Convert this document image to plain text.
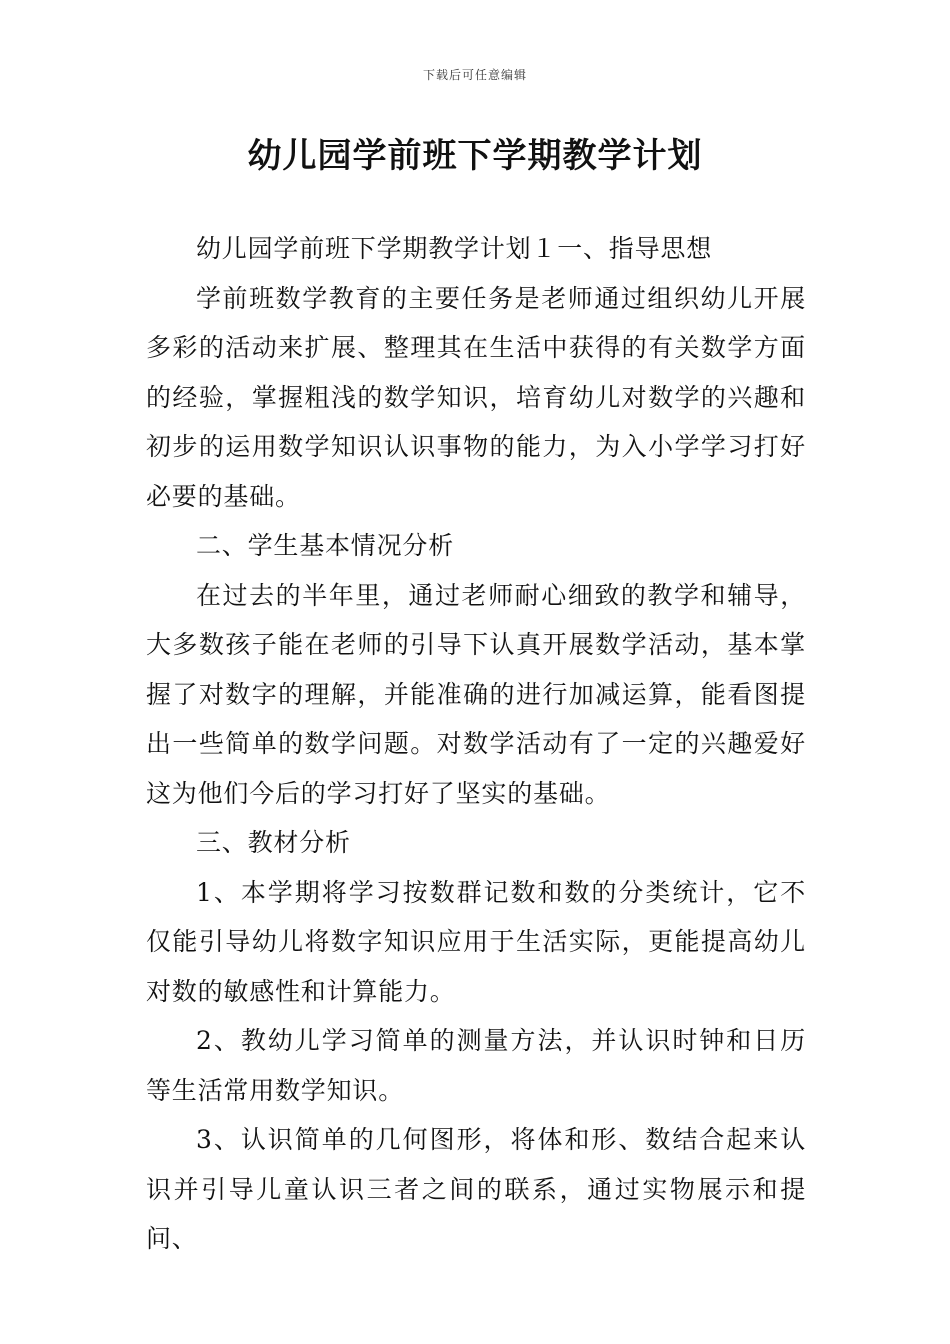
下载后可任意编辑
幼儿园学前班下学期教学计划

幼儿园学前班下学期教学计划１一、指导思想

学前班数学教育的主要任务是老师通过组织幼儿开展多彩的活动来扩展、整理其在生活中获得的有关数学方面的经验，掌握粗浅的数学知识，培育幼儿对数学的兴趣和初步的运用数学知识认识事物的能力，为入小学学习打好必要的基础。

二、学生基本情况分析

在过去的半年里，通过老师耐心细致的教学和辅导，大多数孩子能在老师的引导下认真开展数学活动，基本掌握了对数字的理解，并能准确的进行加减运算，能看图提出一些简单的数学问题。对数学活动有了一定的兴趣爱好这为他们今后的学习打好了坚实的基础。

三、教材分析

1、本学期将学习按数群记数和数的分类统计，它不仅能引导幼儿将数字知识应用于生活实际，更能提高幼儿对数的敏感性和计算能力。

2、教幼儿学习简单的测量方法，并认识时钟和日历等生活常用数学知识。

3、认识简单的几何图形，将体和形、数结合起来认识并引导儿童认识三者之间的联系，通过实物展示和提问、
